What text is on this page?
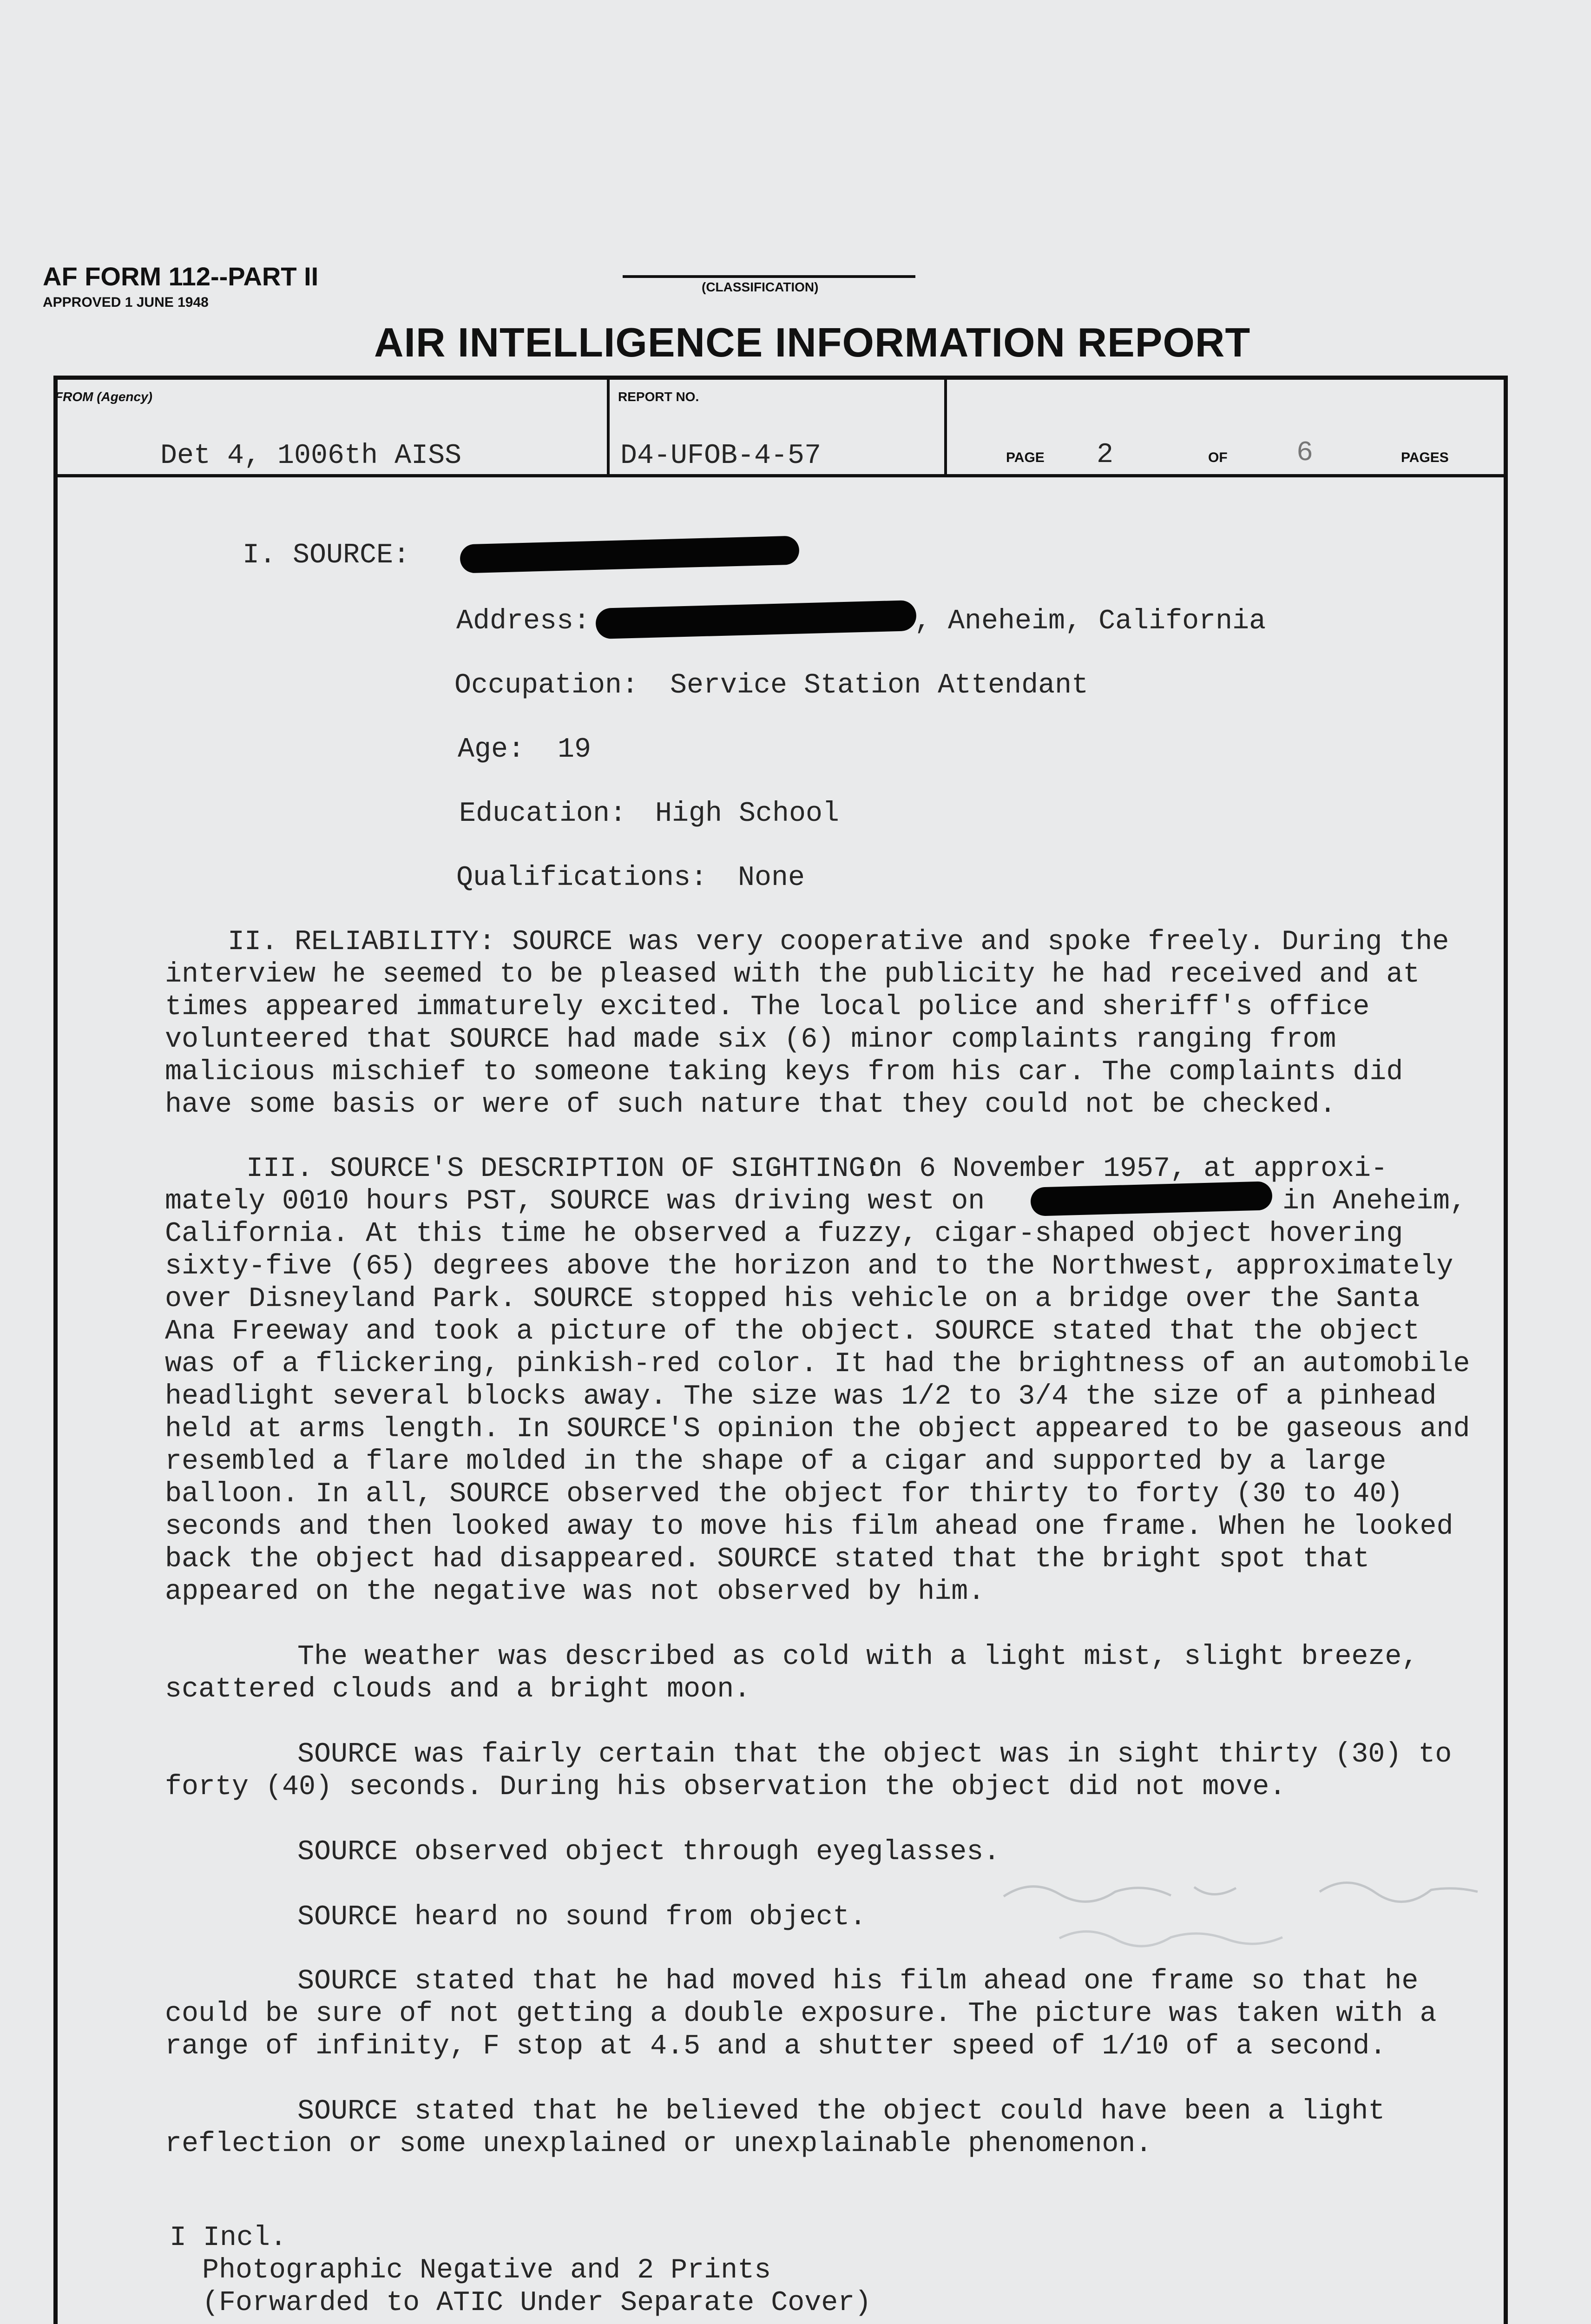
AF FORM 112--PART II
APPROVED 1 JUNE 1948
(CLASSIFICATION)
AIR INTELLIGENCE INFORMATION REPORT
FROM (Agency)
Det 4, 1006th AISS
REPORT NO.
D4-UFOB-4-57	PAGE 2	OF 6	PAGES
I. SOURCE:
Address:	, Aneheim, California
Occupation: Service Station Attendant
Age: 19
Education: High School
Qualifications: None

II. RELIABILITY: SOURCE was very cooperative and spoke freely. During the interview he seemed to be pleased with the publicity he had received and at times appeared immaturely excited. The local police and sheriff's office volunteered that SOURCE had made six (6) minor complaints ranging from malicious mischief to someone taking keys from his car. The complaints did have some basis or were of such nature that they could not be checked.

III. SOURCE'S DESCRIPTION OF SIGHTING:
On 6 November 1957, at approxi-
mately 0010 hours PST, SOURCE was driving west on	in Aneheim,

California. At this time he observed a fuzzy, cigar-shaped object hovering sixty-five (65) degrees above the horizon and to the Northwest, approximately over Disneyland Park. SOURCE stopped his vehicle on a bridge over the Santa Ana Freeway and took a picture of the object. SOURCE stated that the object was of a flickering, pinkish-red color. It had the brightness of an automobile headlight several blocks away. The size was 1/2 to 3/4 the size of a pinhead held at arms length. In SOURCE'S opinion the object appeared to be gaseous and resembled a flare molded in the shape of a cigar and supported by a large balloon. In all, SOURCE observed the object for thirty to forty (30 to 40) seconds and then looked away to move his film ahead one frame. When he looked back the object had disappeared. SOURCE stated that the bright spot that appeared on the negative was not observed by him.

The weather was described as cold with a light mist, slight breeze, scattered clouds and a bright moon.

SOURCE was fairly certain that the object was in sight thirty (30) to forty (40) seconds. During his observation the object did not move.

SOURCE observed object through eyeglasses.

SOURCE heard no sound from object.

SOURCE stated that he had moved his film ahead one frame so that he could be sure of not getting a double exposure. The picture was taken with a range of infinity, F stop at 4.5 and a shutter speed of 1/10 of a second.

SOURCE stated that he believed the object could have been a light reflection or some unexplained or unexplainable phenomenon.

I Incl.
Photographic Negative and 2 Prints
(Forwarded to ATIC Under Separate Cover)
